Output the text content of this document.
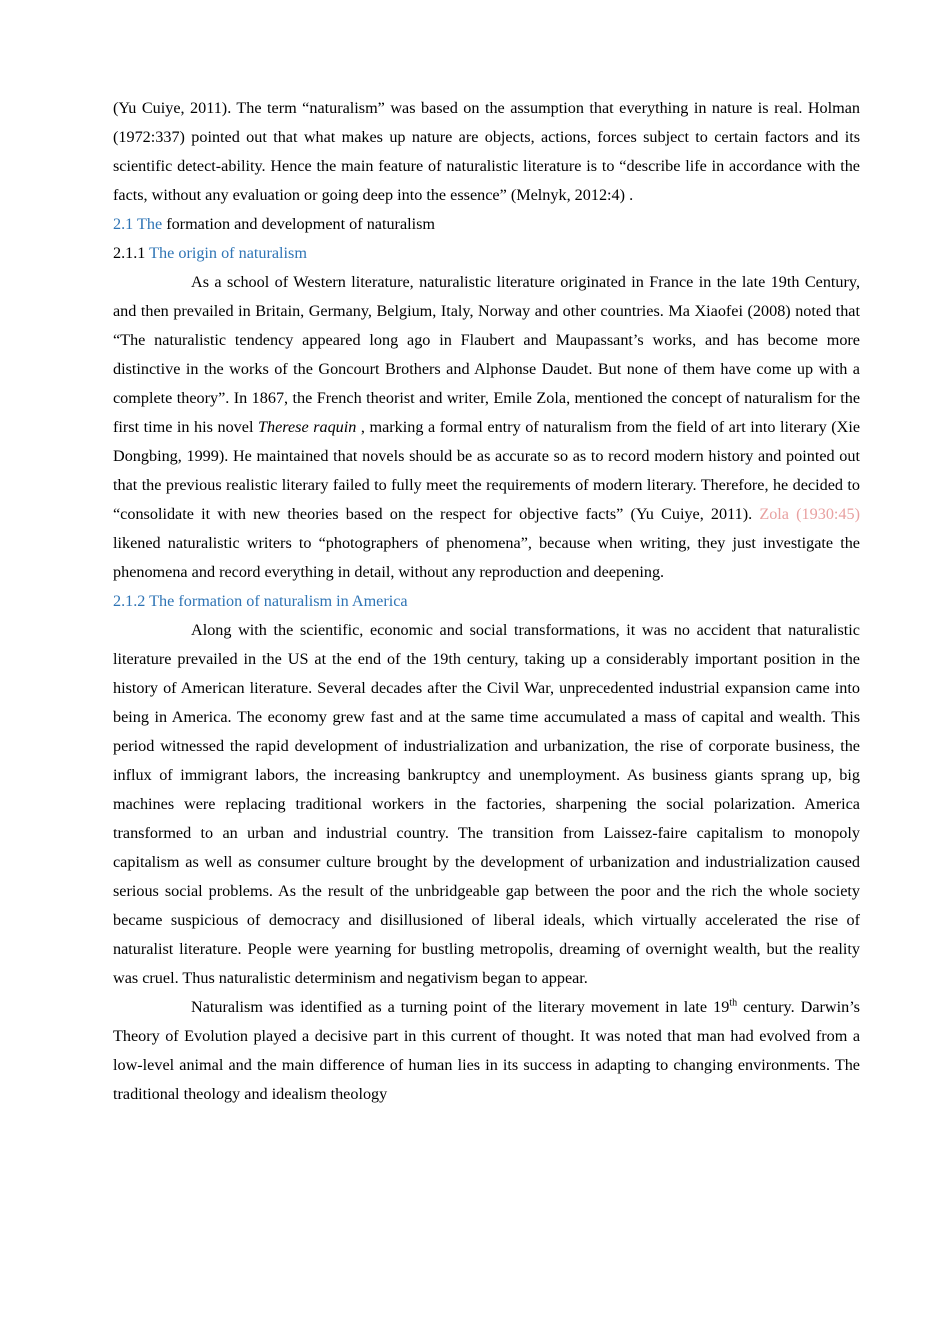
(Yu Cuiye, 2011). The term “naturalism” was based on the assumption that everything in nature is real. Holman (1972:337) pointed out that what makes up nature are objects, actions, forces subject to certain factors and its scientific detect-ability. Hence the main feature of naturalistic literature is to “describe life in accordance with the facts, without any evaluation or going deep into the essence” (Melnyk, 2012:4) .

2.1 The formation and development of naturalism
2.1.1 The origin of naturalism

As a school of Western literature, naturalistic literature originated in France in the late 19th Century, and then prevailed in Britain, Germany, Belgium, Italy, Norway and other countries. Ma Xiaofei (2008) noted that “The naturalistic tendency appeared long ago in Flaubert and Maupassant’s works, and has become more distinctive in the works of the Goncourt Brothers and Alphonse Daudet. But none of them have come up with a complete theory”. In 1867, the French theorist and writer, Emile Zola, mentioned the concept of naturalism for the first time in his novel Therese raquin , marking a formal entry of naturalism from the field of art into literary (Xie Dongbing, 1999). He maintained that novels should be as accurate so as to record modern history and pointed out that the previous realistic literary failed to fully meet the requirements of modern literary. Therefore, he decided to “consolidate it with new theories based on the respect for objective facts” (Yu Cuiye, 2011). Zola (1930:45) likened naturalistic writers to “photographers of phenomena”, because when writing, they just investigate the phenomena and record everything in detail, without any reproduction and deepening.

2.1.2 The formation of naturalism in America

Along with the scientific, economic and social transformations, it was no accident that naturalistic literature prevailed in the US at the end of the 19th century, taking up a considerably important position in the history of American literature. Several decades after the Civil War, unprecedented industrial expansion came into being in America. The economy grew fast and at the same time accumulated a mass of capital and wealth. This period witnessed the rapid development of industrialization and urbanization, the rise of corporate business, the influx of immigrant labors, the increasing bankruptcy and unemployment. As business giants sprang up, big machines were replacing traditional workers in the factories, sharpening the social polarization. America transformed to an urban and industrial country. The transition from Laissez-faire capitalism to monopoly capitalism as well as consumer culture brought by the development of urbanization and industrialization caused serious social problems. As the result of the unbridgeable gap between the poor and the rich the whole society became suspicious of democracy and disillusioned of liberal ideals, which virtually accelerated the rise of naturalist literature. People were yearning for bustling metropolis, dreaming of overnight wealth, but the reality was cruel. Thus naturalistic determinism and negativism began to appear.

Naturalism was identified as a turning point of the literary movement in late 19th century. Darwin’s Theory of Evolution played a decisive part in this current of thought. It was noted that man had evolved from a low-level animal and the main difference of human lies in its success in adapting to changing environments. The traditional theology and idealism theology
